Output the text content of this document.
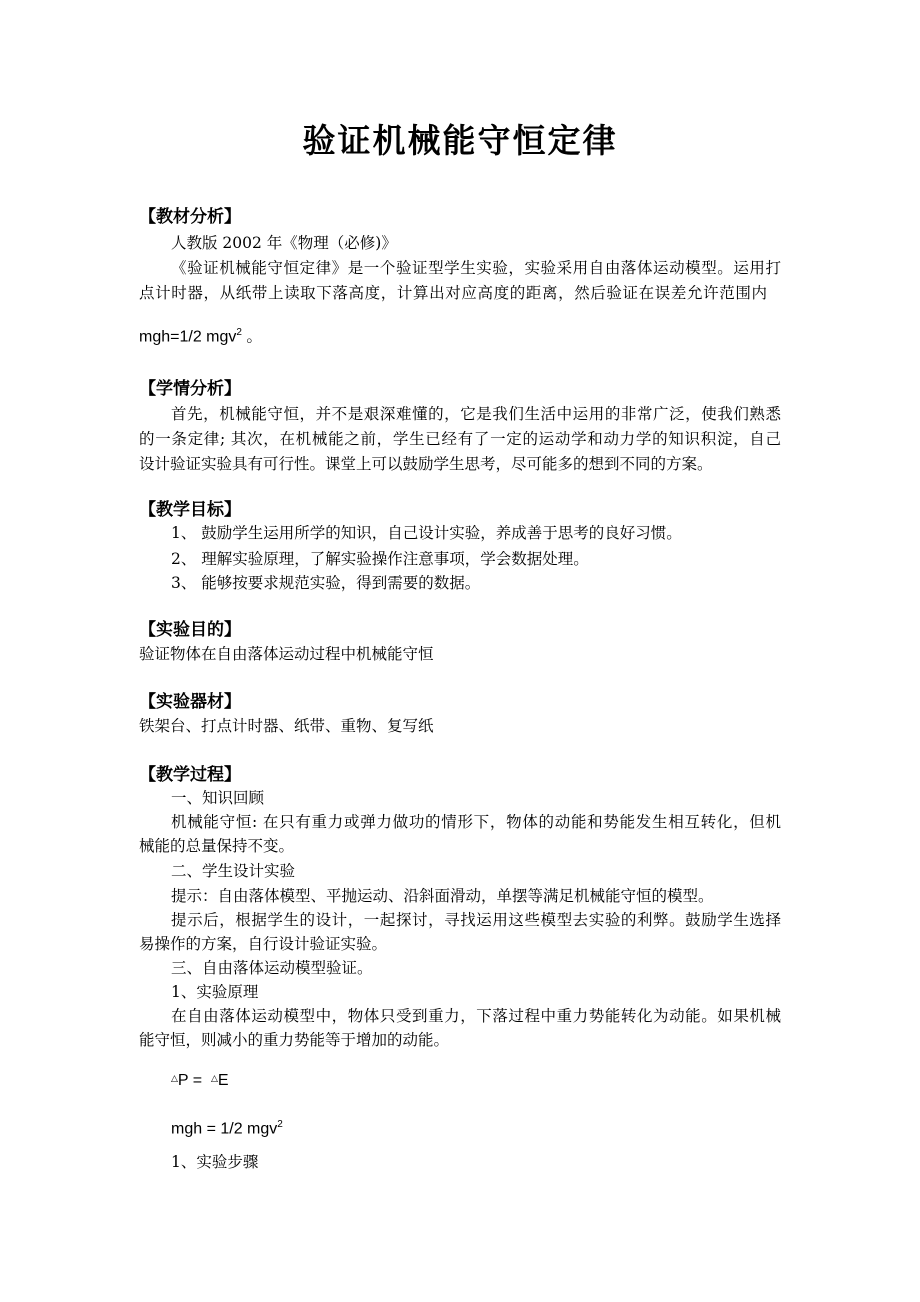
验证机械能守恒定律
【教材分析】
人教版 2002 年《物理（必修)》
《验证机械能守恒定律》是一个验证型学生实验，实验采用自由落体运动模型。运用打
点计时器，从纸带上读取下落高度，计算出对应高度的距离，然后验证在误差允许范围内
mgh=1/2 mgv$^2$ 。
【学情分析】
首先，机械能守恒，并不是艰深难懂的，它是我们生活中运用的非常广泛，使我们熟悉
的一条定律; 其次，在机械能之前，学生已经有了一定的运动学和动力学的知识积淀，自己
设计验证实验具有可行性。课堂上可以鼓励学生思考，尽可能多的想到不同的方案。
【教学目标】
1、 鼓励学生运用所学的知识，自己设计实验，养成善于思考的良好习惯。
2、 理解实验原理，了解实验操作注意事项，学会数据处理。
3、 能够按要求规范实验，得到需要的数据。
【实验目的】
验证物体在自由落体运动过程中机械能守恒
【实验器材】
铁架台、打点计时器、纸带、重物、复写纸
【教学过程】
一、知识回顾
机械能守恒: 在只有重力或弹力做功的情形下，物体的动能和势能发生相互转化，但机
械能的总量保持不变。
二、学生设计实验
提示：自由落体模型、平抛运动、沿斜面滑动，单摆等满足机械能守恒的模型。
提示后，根据学生的设计，一起探讨，寻找运用这些模型去实验的利弊。鼓励学生选择
易操作的方案，自行设计验证实验。
三、自由落体运动模型验证。
1、实验原理
在自由落体运动模型中，物体只受到重力，下落过程中重力势能转化为动能。如果机械
能守恒，则减小的重力势能等于增加的动能。
△P =  △E
mgh = 1/2 mgv$^2$
1、实验步骤
